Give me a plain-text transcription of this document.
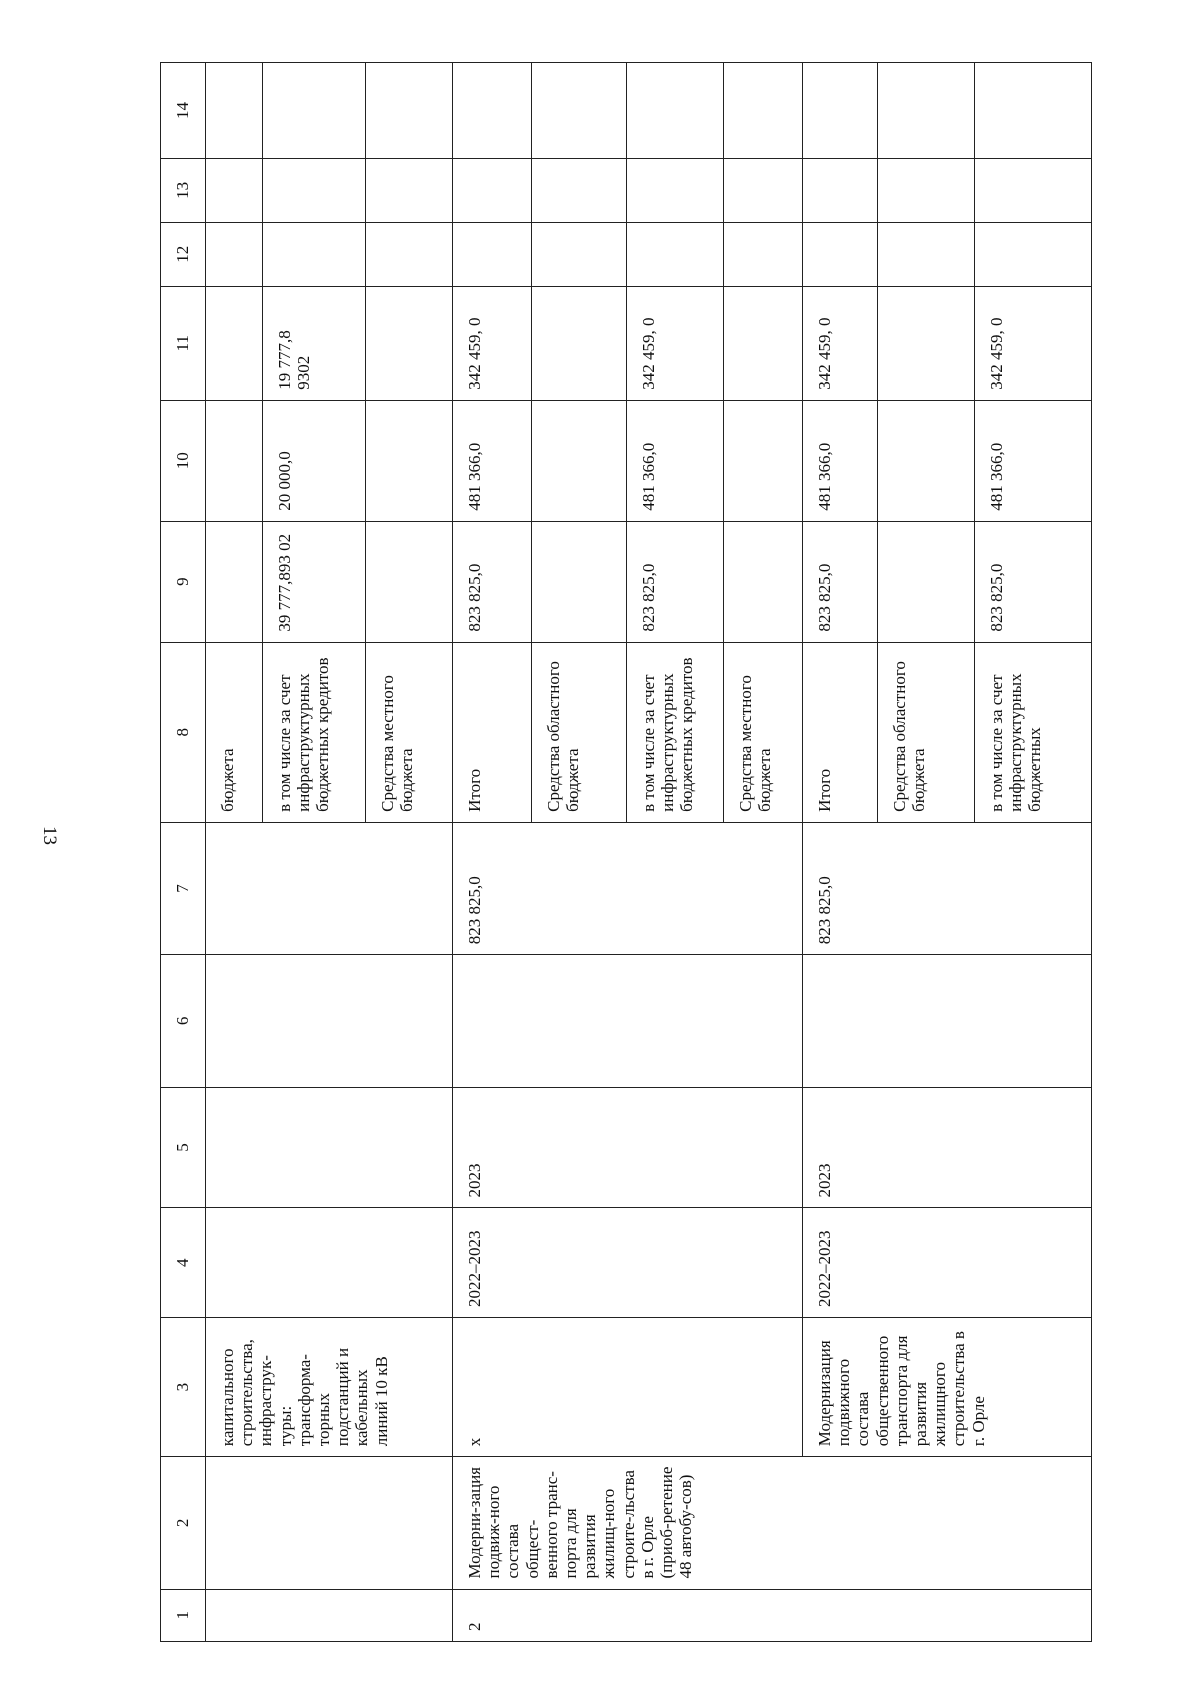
13
1	2	3	4	5	6	7	8	9	10	11	12	13	14
		капитального строительства, инфраструк-туры: трансформа-торных подстанций и кабельных линий 10 кВ					бюджета						
							в том числе за счет инфраструктурных бюджетных кредитов	39 777,893 02	20 000,0	19 777,8 9302			
							Средства местного бюджета						
2	Модерни-зация подвиж-ного состава общест-венного транс-порта для развития жилищ-ного строите-льства в г. Орле (приоб-ретение 48 автобу-сов)	х	2022–2023	2023		823 825,0	Итого	823 825,0	481 366,0	342 459, 0			
							Средства областного бюджета						
							в том числе за счет инфраструктурных бюджетных кредитов	823 825,0	481 366,0	342 459, 0			
							Средства местного бюджета						
		Модернизация подвижного состава общественного транспорта для развития жилищного строительства в г. Орле	2022–2023	2023		823 825,0	Итого	823 825,0	481 366,0	342 459, 0			
							Средства областного бюджета						
							в том числе за счет инфраструктурных бюджетных	823 825,0	481 366,0	342 459, 0			
